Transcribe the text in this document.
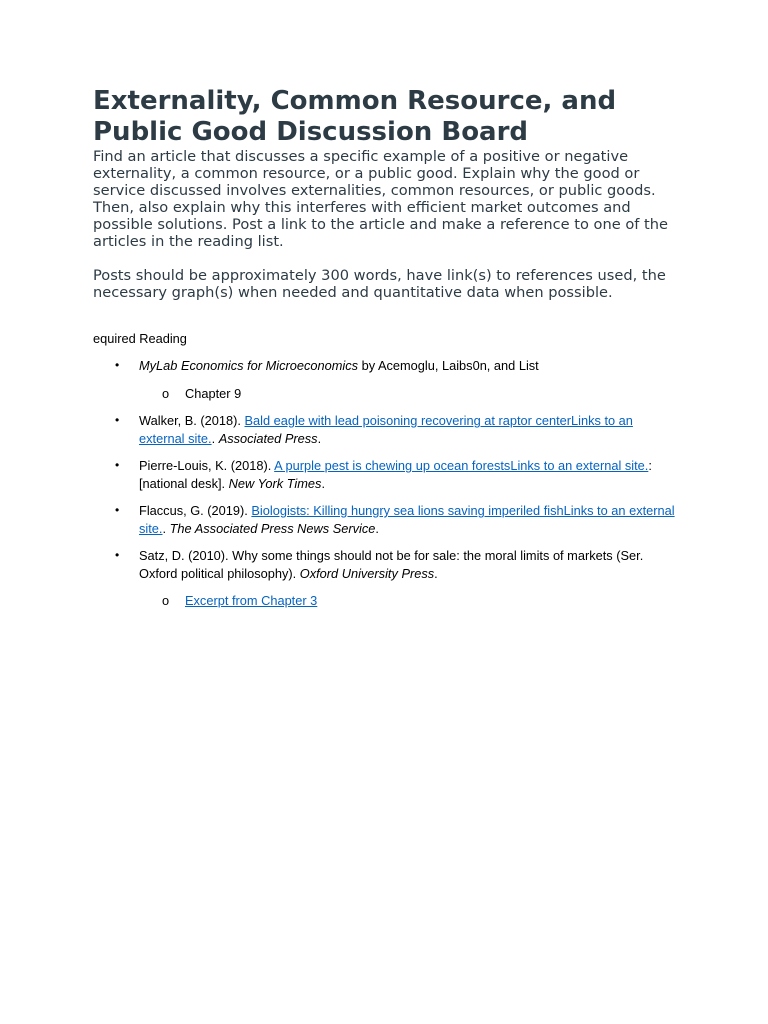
Externality, Common Resource, and Public Good Discussion Board

Find an article that discusses a specific example of a positive or negative externality, a common resource, or a public good. Explain why the good or service discussed involves externalities, common resources, or public goods. Then, also explain why this interferes with efficient market outcomes and possible solutions. Post a link to the article and make a reference to one of the articles in the reading list.

Posts should be approximately 300 words, have link(s) to references used, the necessary graph(s) when needed and quantitative data when possible.

equired Reading

• MyLab Economics for Microeconomics by Acemoglu, Laibs0n, and List
o Chapter 9
• Walker, B. (2018). Bald eagle with lead poisoning recovering at raptor centerLinks to an external site.. Associated Press.
• Pierre-Louis, K. (2018). A purple pest is chewing up ocean forestsLinks to an external site.: [national desk]. New York Times.
• Flaccus, G. (2019). Biologists: Killing hungry sea lions saving imperiled fishLinks to an external site.. The Associated Press News Service.
• Satz, D. (2010). Why some things should not be for sale: the moral limits of markets (Ser. Oxford political philosophy). Oxford University Press.
o Excerpt from Chapter 3
